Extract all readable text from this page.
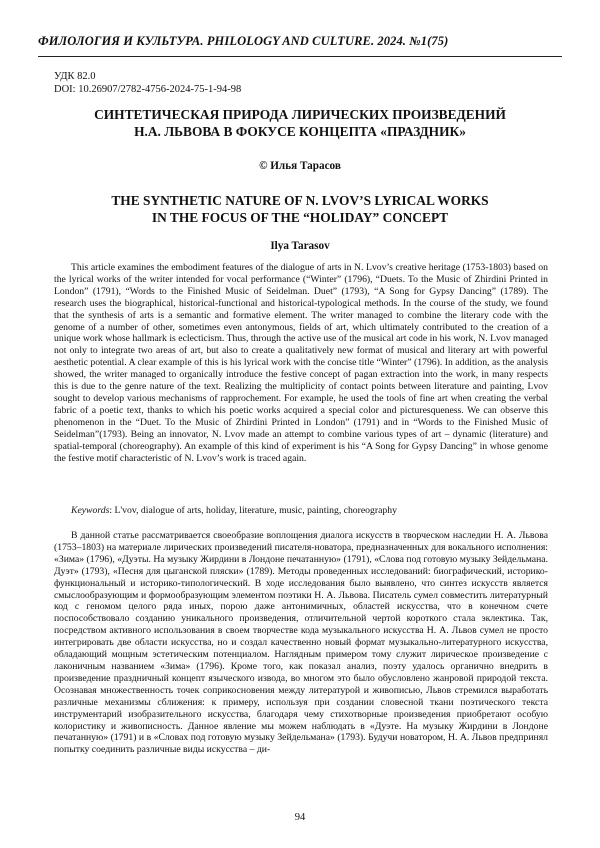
ФИЛОЛОГИЯ И КУЛЬТУРА. PHILOLOGY AND CULTURE. 2024. №1(75)
УДК 82.0
DOI: 10.26907/2782-4756-2024-75-1-94-98
СИНТЕТИЧЕСКАЯ ПРИРОДА ЛИРИЧЕСКИХ ПРОИЗВЕДЕНИЙ
Н.А. ЛЬВОВА В ФОКУСЕ КОНЦЕПТА «ПРАЗДНИК»
© Илья Тарасов
THE SYNTHETIC NATURE OF N. LVOV’S LYRICAL WORKS
IN THE FOCUS OF THE “HOLIDAY” CONCEPT
Ilya Tarasov

This article examines the embodiment features of the dialogue of arts in N. Lvov’s creative heritage (1753-1803) based on the lyrical works of the writer intended for vocal performance (“Winter” (1796), “Duets. To the Music of Zhirdini Printed in London” (1791), “Words to the Finished Music of Seidelman. Duet” (1793), “A Song for Gypsy Dancing” (1789). The research uses the biographical, historical-functional and historical-typological methods. In the course of the study, we found that the synthesis of arts is a semantic and formative element. The writer managed to combine the literary code with the genome of a number of other, sometimes even antonymous, fields of art, which ultimately contributed to the creation of a unique work whose hallmark is eclecticism. Thus, through the active use of the musical art code in his work, N. Lvov managed not only to integrate two areas of art, but also to create a qualitatively new format of musical and literary art with powerful aesthetic potential. A clear example of this is his lyrical work with the concise title “Winter” (1796). In addition, as the analysis showed, the writer managed to organically introduce the festive concept of pagan extraction into the work, in many respects this is due to the genre nature of the text. Realizing the multiplicity of contact points between literature and painting, Lvov sought to develop various mechanisms of rapprochement. For example, he used the tools of fine art when creating the verbal fabric of a poetic text, thanks to which his poetic works acquired a special color and picturesqueness. We can observe this phenomenon in the “Duet. To the Music of Zhirdini Printed in London” (1791) and in “Words to the Finished Music of Seidelman”(1793). Being an innovator, N. Lvov made an attempt to combine various types of art – dynamic (literature) and spatial-temporal (choreography). An example of this kind of experiment is his “A Song for Gypsy Dancing” in whose genome the festive motif characteristic of N. Lvov’s work is traced again.

Keywords: L'vov, dialogue of arts, holiday, literature, music, painting, choreography

В данной статье рассматривается своеобразие воплощения диалога искусств в творческом наследии Н. А. Львова (1753–1803) на материале лирических произведений писателя-новатора, предназначенных для вокального исполнения: «Зима» (1796), «Дуэты. На музыку Жирдини в Лондоне печатанную» (1791), «Слова под готовую музыку Зейдельмана. Дуэт» (1793), «Песня для цыганской пляски» (1789). Методы проведенных исследований: биографический, историко-функциональный и историко-типологический. В ходе исследования было выявлено, что синтез искусств является смыслообразующим и формообразующим элементом поэтики Н. А. Львова. Писатель сумел совместить литературный код с геномом целого ряда иных, порою даже антонимичных, областей искусства, что в конечном счете поспособствовало созданию уникального произведения, отличительной чертой короткого стала эклектика. Так, посредством активного использования в своем творчестве кода музыкального искусства Н. А. Львов сумел не просто интегрировать две области искусства, но и создал качественно новый формат музыкально-литературного искусства, обладающий мощным эстетическим потенциалом. Наглядным примером тому служит лирическое произведение с лаконичным названием «Зима» (1796). Кроме того, как показал анализ, поэту удалось органично внедрить в произведение праздничный концепт языческого извода, во многом это было обусловлено жанровой природой текста. Осознавая множественность точек соприкосновения между литературой и живописью, Львов стремился выработать различные механизмы сближения: к примеру, используя при создании словесной ткани поэтического текста инструментарий изобразительного искусства, благодаря чему стихотворные произведения приобретают особую колористику и живописность. Данное явление мы можем наблюдать в «Дуэте. На музыку Жирдини в Лондоне печатанную» (1791) и в «Словах под готовую музыку Зейдельмана» (1793). Будучи новатором, Н. А. Львов предпринял попытку соединить различные виды искусства – ди-

94
